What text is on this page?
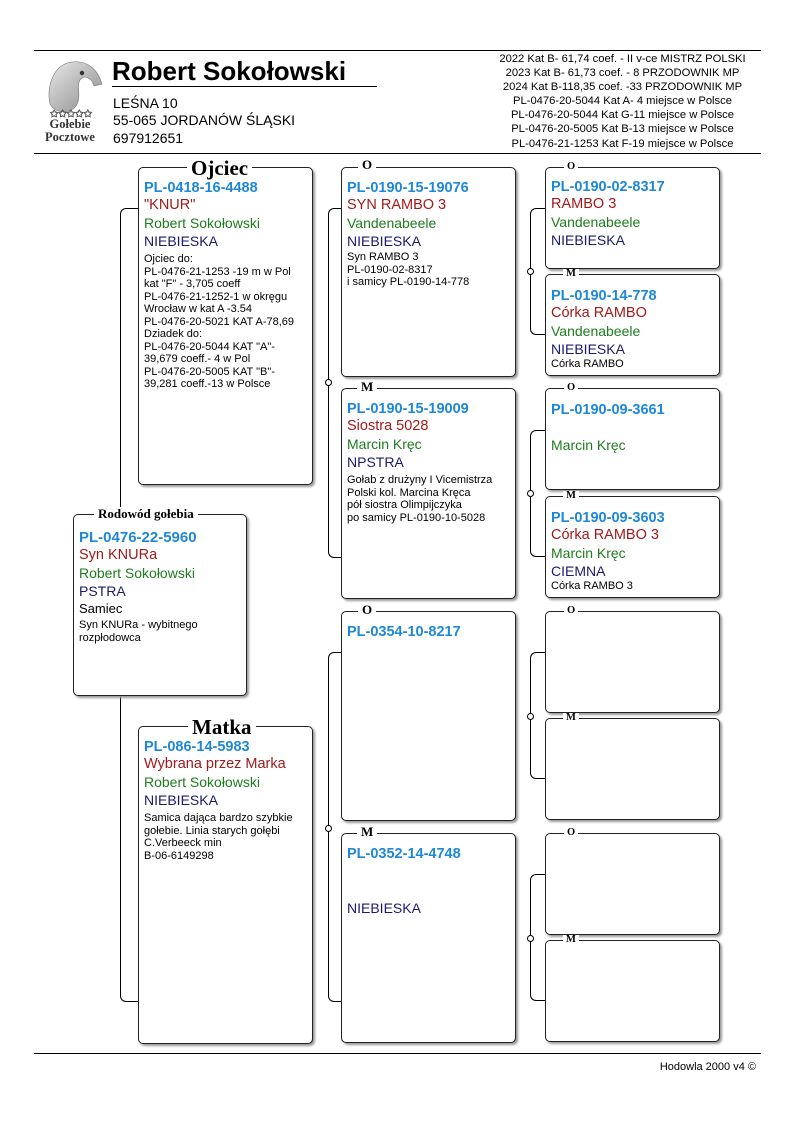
✩✩✩✩✩
Gołebie Pocztowe
Robert Sokołowski
LEŚNA 10
55-065 JORDANÓW ŚLĄSKI
697912651
2022 Kat B- 61,74 coef. - II v-ce MISTRZ POLSKI
2023 Kat B- 61,73 coef. - 8 PRZODOWNIK MP
2024 Kat B-118,35 coef. -33 PRZODOWNIK MP
PL-0476-20-5044 Kat A- 4 miejsce w Polsce
PL-0476-20-5044 Kat G-11 miejsce w Polsce
PL-0476-20-5005 Kat B-13 miejsce w Polsce
PL-0476-21-1253 Kat F-19 miejsce w Polsce
PL-0476-22-5960
Syn KNURa
Robert Sokołowski
PSTRA
Samiec
Syn KNURa - wybitnego
rozpłodowca
Rodowód gołebia
PL-0418-16-4488
"KNUR"
Robert Sokołowski
NIEBIESKA
Ojciec do:
PL-0476-21-1253 -19 m w Pol
kat "F" - 3,705 coeff
PL-0476-21-1252-1 w okręgu
Wrocław w kat A -3.54
PL-0476-20-5021 KAT A-78,69
Dziadek do:
PL-0476-20-5044 KAT "A"-
39,679 coeff.- 4 w Pol
PL-0476-20-5005 KAT "B"-
39,281 coeff.-13 w Polsce
Ojciec
PL-086-14-5983
Wybrana przez Marka
Robert Sokołowski
NIEBIESKA
Samica dająca bardzo szybkie
gołebie. Linia starych gołębi
C.Verbeeck min
B-06-6149298
Matka
PL-0190-15-19076
SYN RAMBO 3
Vandenabeele
NIEBIESKA
Syn RAMBO 3
PL-0190-02-8317
i samicy PL-0190-14-778
O
PL-0190-15-19009
Siostra 5028
Marcin Kręc
NPSTRA
Gołab z drużyny I Vicemistrza
Polski kol. Marcina Kręca
pół siostra Olimpijczyka
po samicy PL-0190-10-5028
M
PL-0354-10-8217
O
PL-0352-14-4748
NIEBIESKA
M
PL-0190-02-8317
RAMBO 3
Vandenabeele
NIEBIESKA
O
PL-0190-14-778
Córka RAMBO
Vandenabeele
NIEBIESKA
Córka RAMBO
M
PL-0190-09-3661
Marcin Kręc
O
PL-0190-09-3603
Córka RAMBO 3
Marcin Kręc
CIEMNA
Córka RAMBO 3
M
O
M
O
M
Hodowla 2000 v4 ©
